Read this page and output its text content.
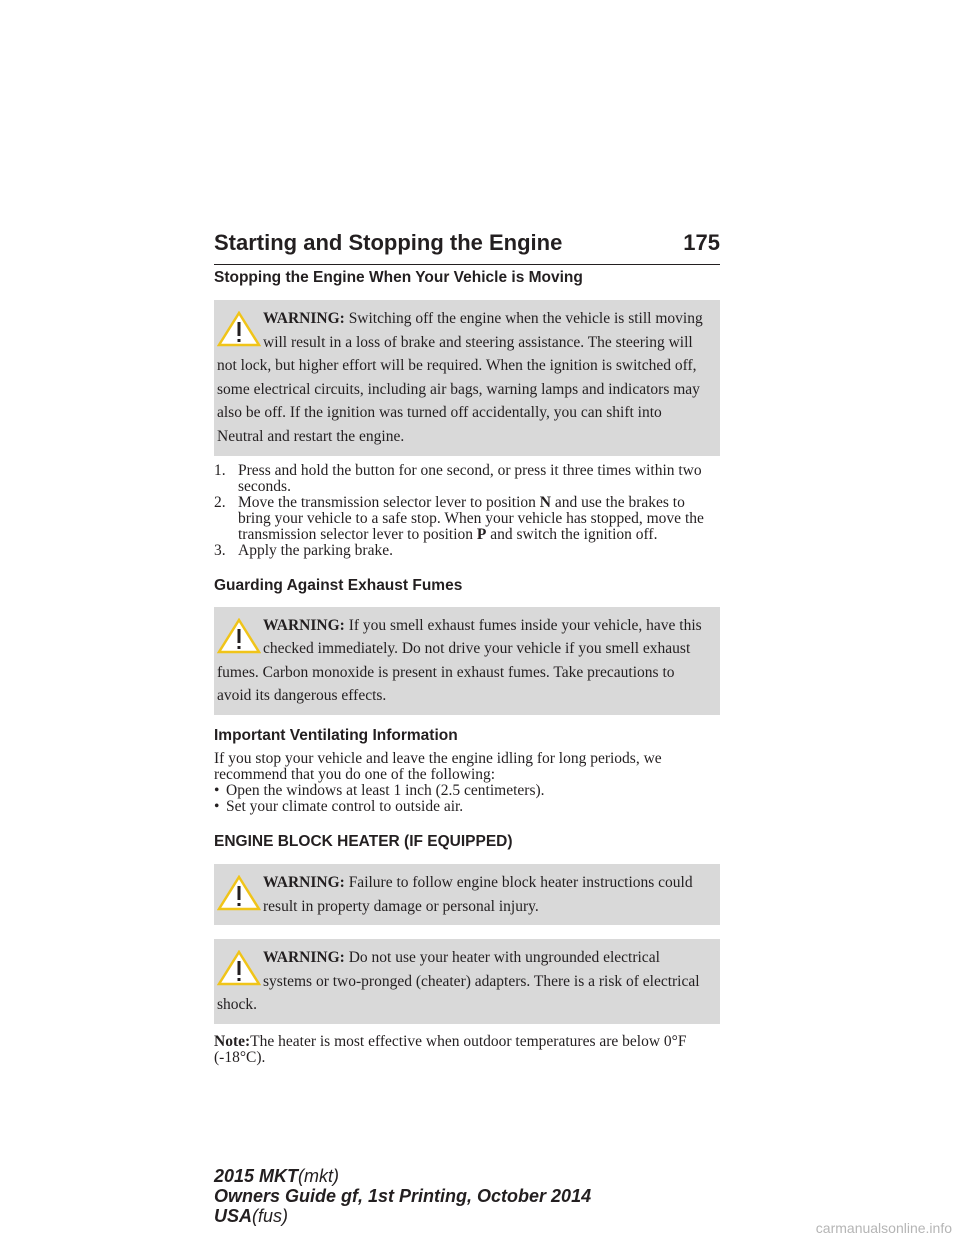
Starting and Stopping the Engine	175

Stopping the Engine When Your Vehicle is Moving

WARNING: Switching off the engine when the vehicle is still moving will result in a loss of brake and steering assistance. The steering will not lock, but higher effort will be required. When the ignition is switched off, some electrical circuits, including air bags, warning lamps and indicators may also be off. If the ignition was turned off accidentally, you can shift into Neutral and restart the engine.
1. Press and hold the button for one second, or press it three times within two seconds.
2. Move the transmission selector lever to position N and use the brakes to bring your vehicle to a safe stop. When your vehicle has stopped, move the transmission selector lever to position P and switch the ignition off.
3. Apply the parking brake.

Guarding Against Exhaust Fumes

WARNING: If you smell exhaust fumes inside your vehicle, have this checked immediately. Do not drive your vehicle if you smell exhaust fumes. Carbon monoxide is present in exhaust fumes. Take precautions to avoid its dangerous effects.

Important Ventilating Information

If you stop your vehicle and leave the engine idling for long periods, we recommend that you do one of the following:
• Open the windows at least 1 inch (2.5 centimeters).
• Set your climate control to outside air.

ENGINE BLOCK HEATER (IF EQUIPPED)

WARNING: Failure to follow engine block heater instructions could result in property damage or personal injury.
WARNING: Do not use your heater with ungrounded electrical systems or two-pronged (cheater) adapters. There is a risk of electrical shock.
Note:The heater is most effective when outdoor temperatures are below 0°F (-18°C).
2015 MKT(mkt)
Owners Guide gf, 1st Printing, October 2014
USA(fus)
carmanualsonline.info
